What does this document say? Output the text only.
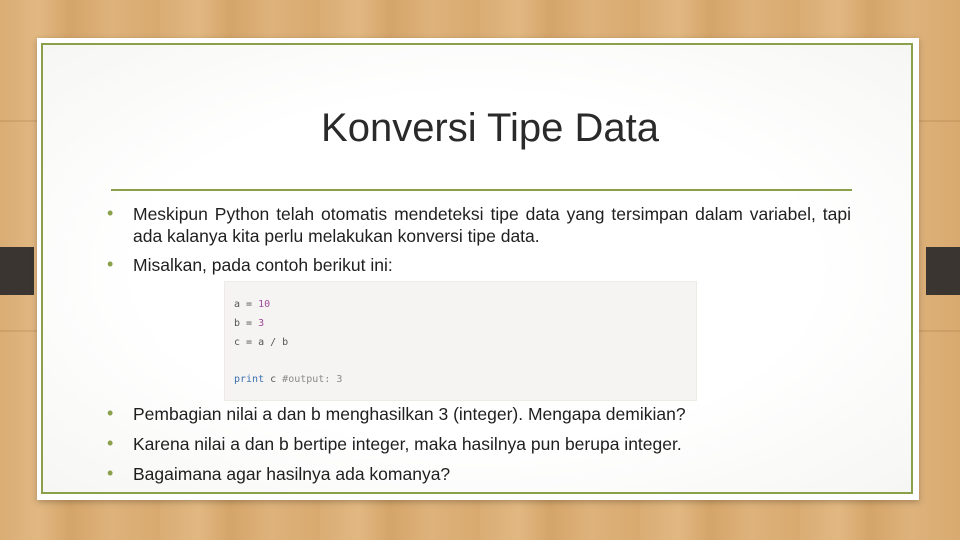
Konversi Tipe Data
•	Meskipun Python telah otomatis mendeteksi tipe data yang tersimpan dalam variabel, tapi ada kalanya kita perlu melakukan konversi tipe data.
•	Misalkan, pada contoh berikut ini:
a = 10
b = 3
c = a / b
print c #output: 3
•	Pembagian nilai a dan b menghasilkan 3 (integer). Mengapa demikian?
•	Karena nilai a dan b bertipe integer, maka hasilnya pun berupa integer.
•	Bagaimana agar hasilnya ada komanya?
